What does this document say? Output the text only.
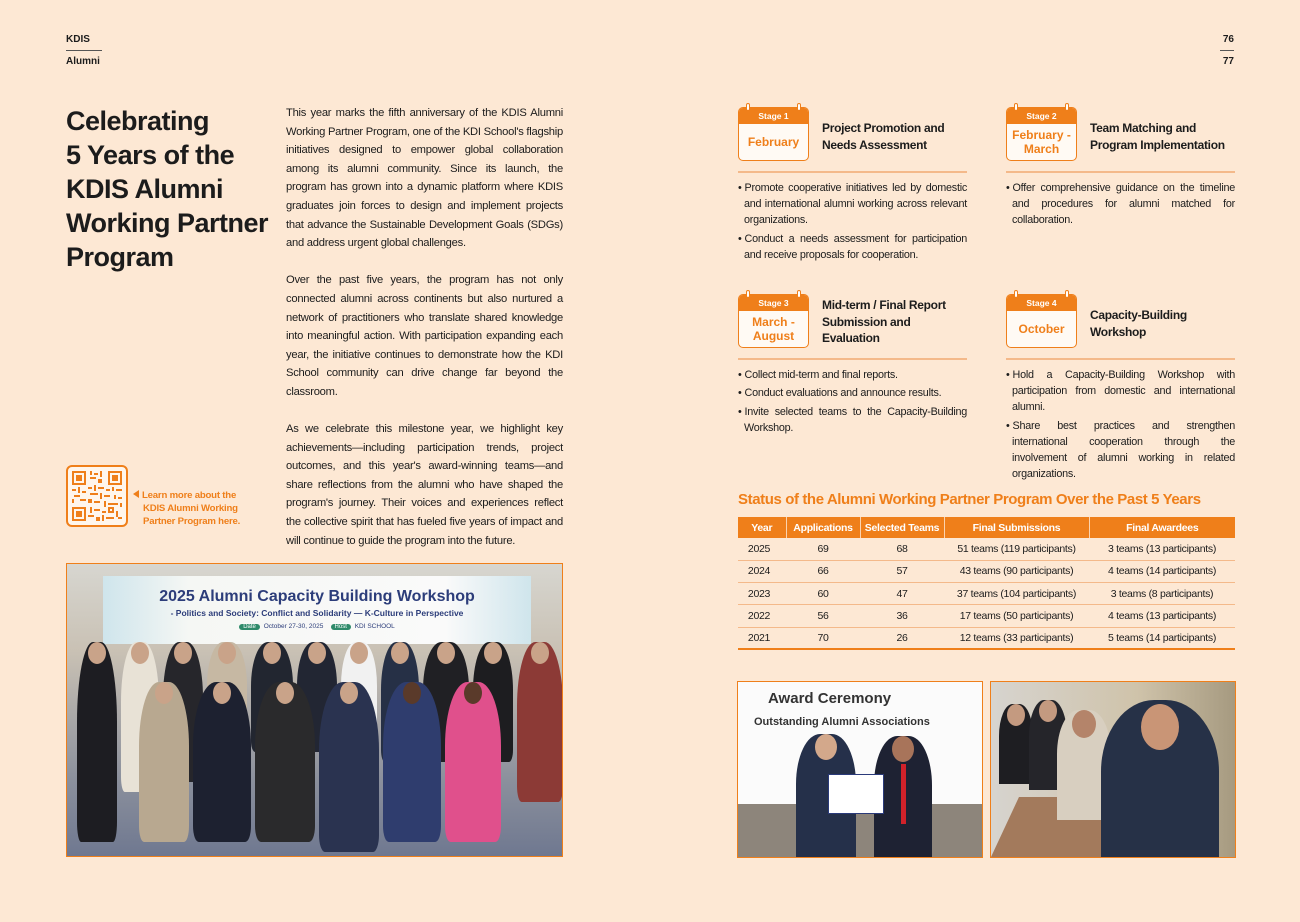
KDIS
Alumni
76
77
Celebrating
5 Years of the
KDIS Alumni
Working Partner
Program

This year marks the fifth anniversary of the KDIS Alumni Working Partner Program, one of the KDI School's flagship initiatives designed to empower global collaboration among its alumni community. Since its launch, the program has grown into a dynamic platform where KDIS graduates join forces to design and implement projects that advance the Sustainable Development Goals (SDGs) and address urgent global challenges.

Over the past five years, the program has not only connected alumni across continents but also nurtured a network of practitioners who translate shared knowledge into meaningful action. With participation expanding each year, the initiative continues to demonstrate how the KDI School community can drive change far beyond the classroom.

As we celebrate this milestone year, we highlight key achievements—including participation trends, project outcomes, and this year's award-winning teams—and share reflections from the alumni who have shaped the program's journey. Their voices and experiences reflect the collective spirit that has fueled five years of impact and will continue to guide the program into the future.

Learn more about the
KDIS Alumni Working
Partner Program here.
2025 Alumni Capacity Building Workshop
- Politics and Society: Conflict and Solidarity — K-Culture in Perspective
Date October 27-30, 2025 Host KDI SCHOOL
Stage 1
February
Project Promotion and
Needs Assessment
• Promote cooperative initiatives led by domestic and international alumni working across relevant organizations.
• Conduct a needs assessment for participation and receive proposals for cooperation.
Stage 2
February -
March
Team Matching and
Program Implementation
• Offer comprehensive guidance on the timeline and procedures for alumni matched for collaboration.
Stage 3
March -
August
Mid-term / Final Report
Submission and
Evaluation
• Collect mid-term and final reports.
• Conduct evaluations and announce results.
• Invite selected teams to the Capacity-Building Workshop.
Stage 4
October
Capacity-Building
Workshop
• Hold a Capacity-Building Workshop with participation from domestic and international alumni.
• Share best practices and strengthen international cooperation through the involvement of alumni working in related organizations.
Status of the Alumni Working Partner Program Over the Past 5 Years
Year	Applications	Selected Teams	Final Submissions	Final Awardees
2025	69	68	51 teams (119 participants)	3 teams (13 participants)
2024	66	57	43 teams (90 participants)	4 teams (14 participants)
2023	60	47	37 teams (104 participants)	3 teams (8 participants)
2022	56	36	17 teams (50 participants)	4 teams (13 participants)
2021	70	26	12 teams (33 participants)	5 teams (14 participants)
Award Ceremony
Outstanding Alumni Associations
